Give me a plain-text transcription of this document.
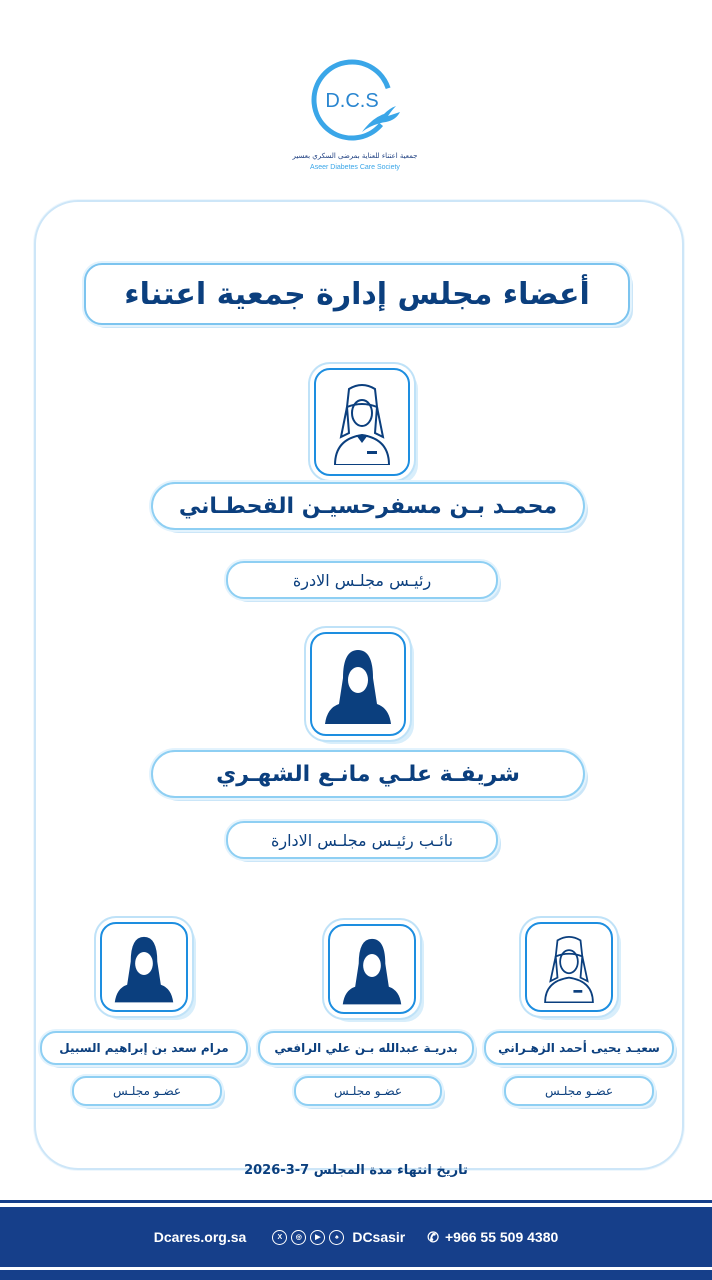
D.C.S
جمعية اعتناء للعناية بمرضى السكري بعسير
Aseer Diabetes Care Society
أعضاء مجلس إدارة جمعية اعتناء
محمـد بـن مسفرحسيـن القحطـاني
رئيـس مجلـس الادرة
شريفـة علـي مانـع الشهـري
نائـب رئيـس مجلـس الادارة
سعيـد يحيى أحمد الزهـراني
عضـو مجلـس
بدريـة عبدالله بـن علي الرافعي
عضـو مجلـس
مرام سعد بن إبراهيم السبيل
عضـو مجلـس
تاريخ انتهاء مدة المجلس 7-3-2026
Dcares.org.sa	X	◎	▶	♠ DCsasir ✆ +966 55 509 4380
